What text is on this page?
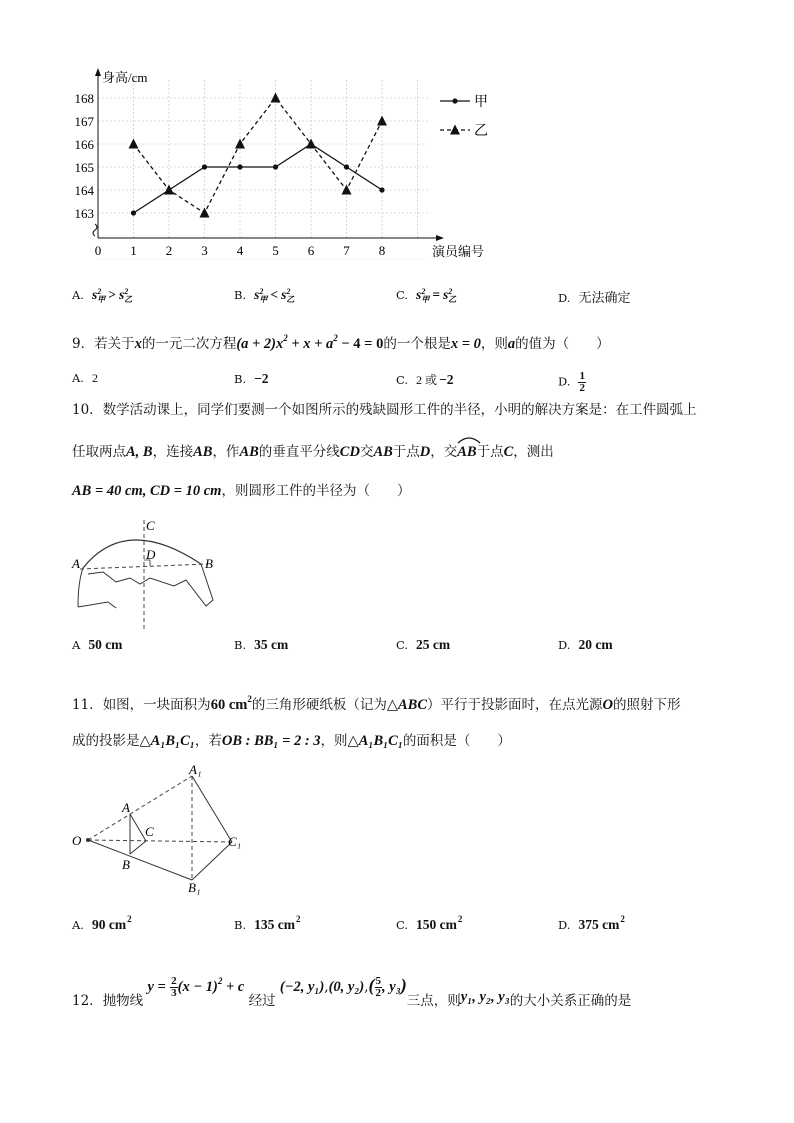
身高/cm
演员编号
163
164
165
166
167
168
0 1 2 3 4 5 6 7 8
甲
乙
A. s 2
甲 > s 2
乙	B. s 2
甲 < s 2
乙	C. s 2
甲 = s 2
乙	D. 无法确定
9．若关于x的一元二次方程$(a + 2)x^2 + x + a^2 - 4 = 0$的一个根是x = 0，则a的值为（　　）
A. 2	B. −2	C. 2 或 −2	D. $\frac{1}{2}$
10．数学活动课上，同学们要测一个如图所示的残缺圆形工件的半径，小明的解决方案是：在工件圆弧上
任取两点A, B，连接AB，作AB的垂直平分线CD交AB于点D，交AB
于点C，测出
AB = 40 cm, CD = 10 cm，则圆形工件的半径为（　　）
A	B
C
D
A 50 cm	B. 35 cm	C. 25 cm	D. 20 cm
11．如图，一块面积为60 $cm^2$的三角形硬纸板（记为△ABC）平行于投影面时，在点光源O的照射下形
成的投影是△A₁B₁C₁，若OB : BB₁ = 2 : 3，则△A₁B₁C₁的面积是（　　）
O
A
C
B
A₁
C₁
B₁
A. 90 $cm^2$	B. 135 $cm^2$	C. 150 $cm^2$	D. 375 $cm^2$
12．抛物线 $y = \frac{2}{3} (x - 1)^2 + c$ 经过 (−2, y₁),(0, $y_2),( \frac{5}{2}$ , y₃)三点，则y₁, y₂, y₃的大小关系正确的是
